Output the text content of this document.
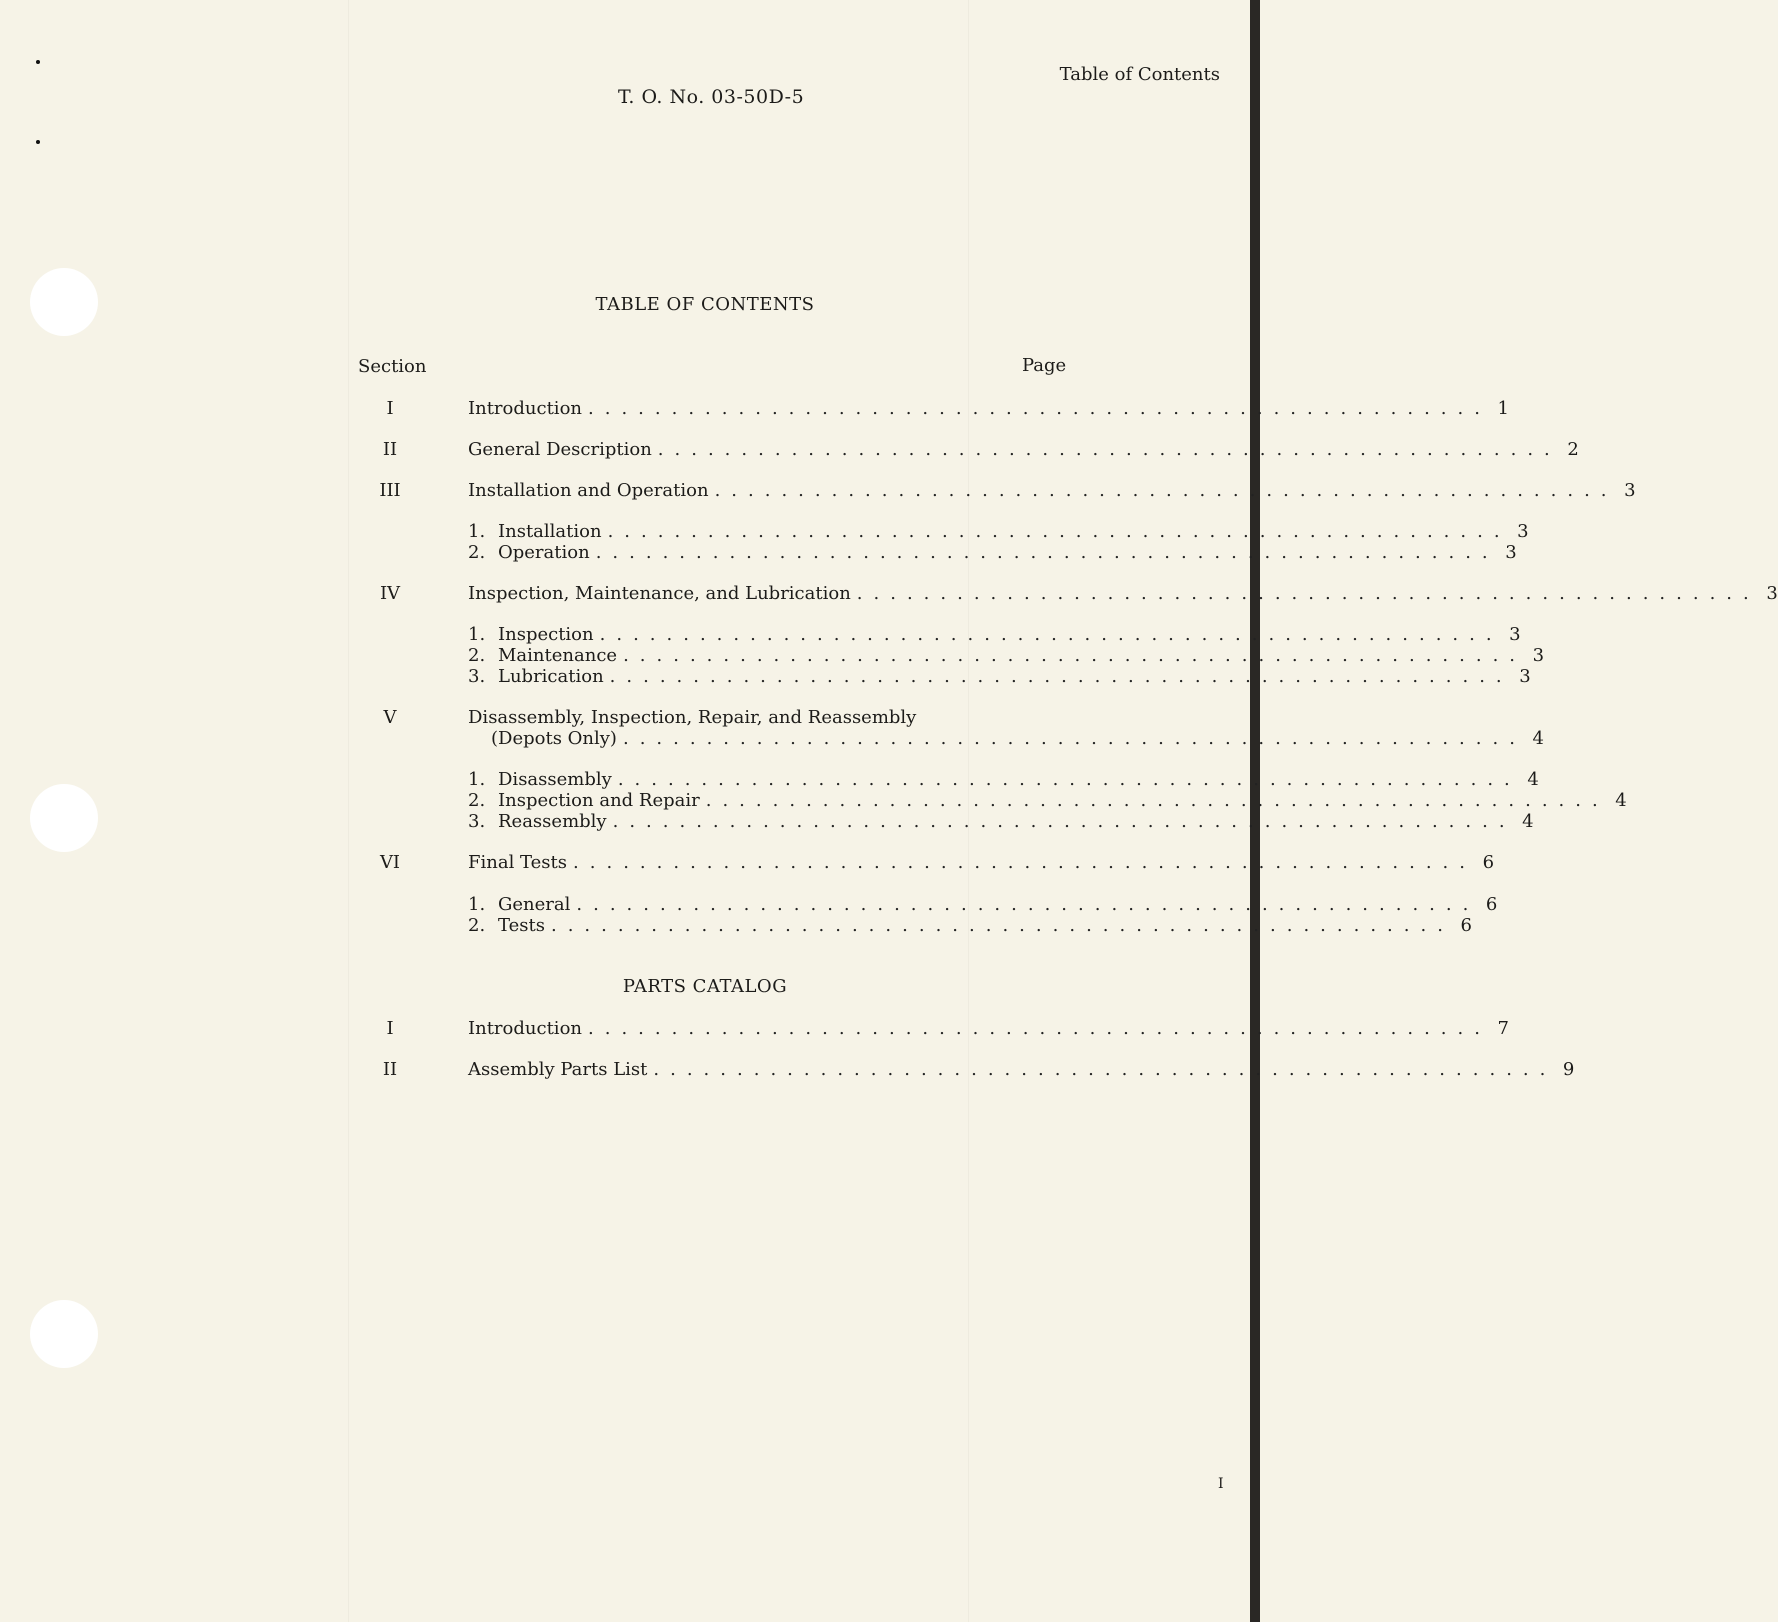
Table of Contents
T. O. No. 03-50D-5
TABLE OF CONTENTS
Section	Page
I	Introduction ...................................................... 1
II	General Description ...................................................... 2
III	Installation and Operation ...................................................... 3
1. Installation ...................................................... 3
2. Operation ...................................................... 3
IV	Inspection, Maintenance, and Lubrication ...................................................... 3
1. Inspection ...................................................... 3
2. Maintenance ...................................................... 3
3. Lubrication ...................................................... 3
V	Disassembly, Inspection, Repair, and Reassembly
(Depots Only) ...................................................... 4
1. Disassembly ...................................................... 4
2. Inspection and Repair ...................................................... 4
3. Reassembly ...................................................... 4
VI	Final Tests ...................................................... 6
1. General ...................................................... 6
2. Tests ...................................................... 6
PARTS CATALOG
I	Introduction ...................................................... 7
II	Assembly Parts List ...................................................... 9
I
